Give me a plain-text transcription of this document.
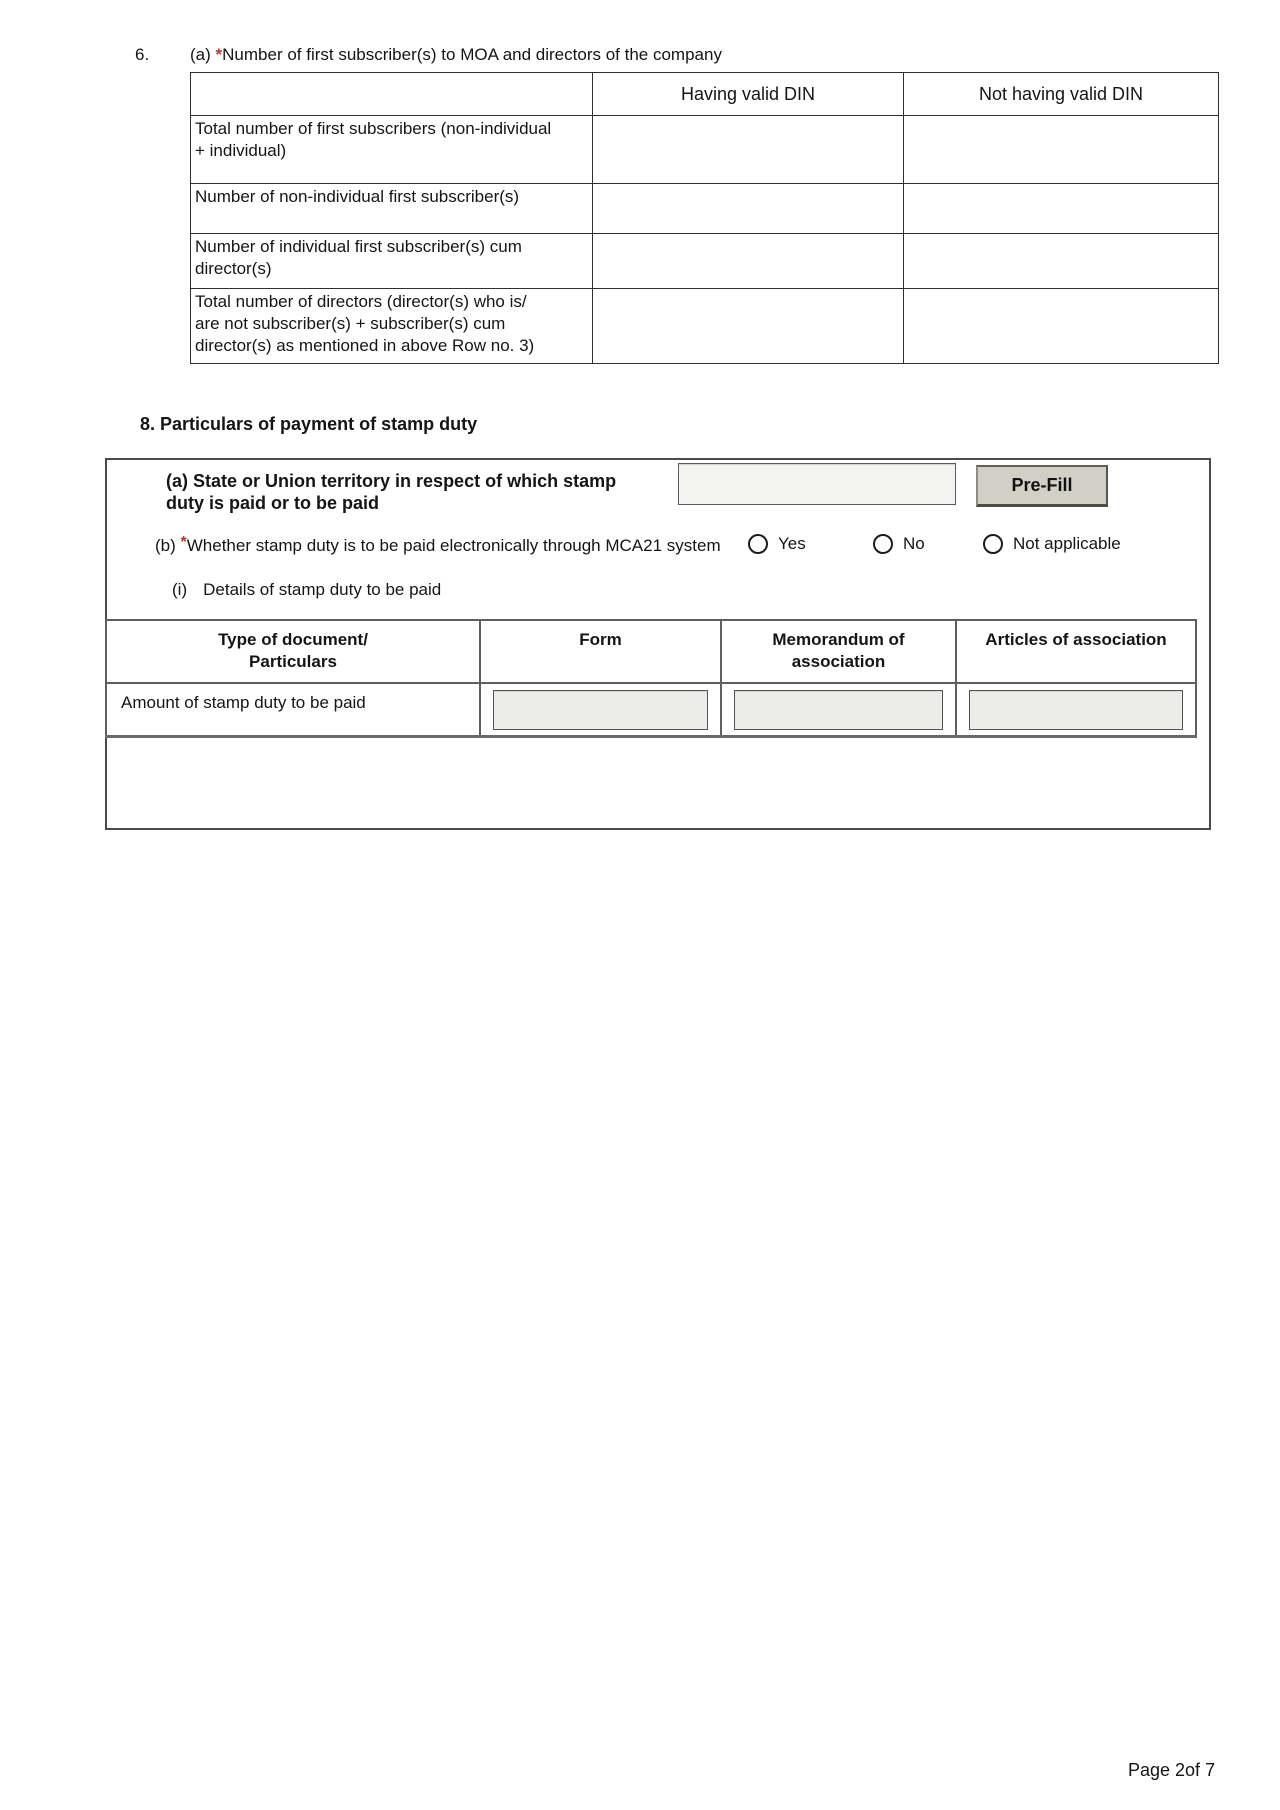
6. (a) *Number of first subscriber(s) to MOA and directors of the company
	Having valid DIN	Not having valid DIN
Total number of first subscribers (non-individual + individual)		
Number of non-individual first subscriber(s)		
Number of individual first subscriber(s) cum director(s)		
Total number of directors (director(s) who is/ are not subscriber(s) + subscriber(s) cum director(s) as mentioned in above Row no. 3)		
8. Particulars of payment of stamp duty
(a) State or Union territory in respect of which stamp duty is paid or to be paid
Pre-Fill
(b) *Whether stamp duty is to be paid electronically through MCA21 system	Yes	No	Not applicable
(i) Details of stamp duty to be paid
Type of document/ Particulars	Form	Memorandum of association	Articles of association

Amount of stamp duty to be paid			

Page 2of 7
